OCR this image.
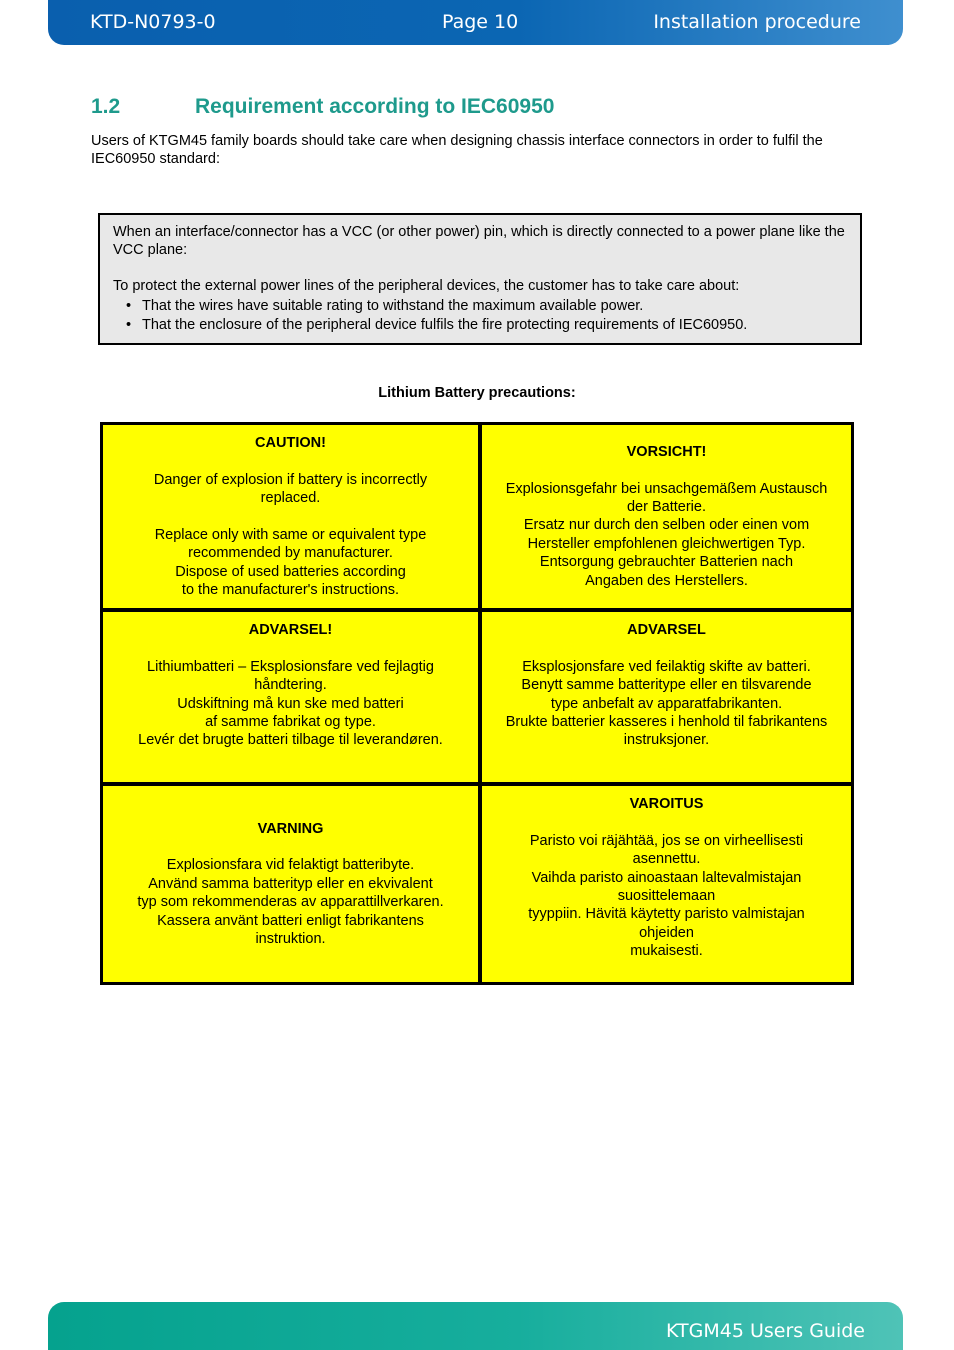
KTD-N0793-0	Page 10	Installation procedure
1.2	Requirement according to IEC60950
Users of KTGM45 family boards should take care when designing chassis interface connectors in order to fulfil the IEC60950 standard:

When an interface/connector has a VCC (or other power) pin, which is directly connected to a power plane like the VCC plane:

To protect the external power lines of the peripheral devices, the customer has to take care about:

• That the wires have suitable rating to withstand the maximum available power.
• That the enclosure of the peripheral device fulfils the fire protecting requirements of IEC60950.
Lithium Battery precautions:
CAUTION!
Danger of explosion if battery is incorrectly
replaced.
Replace only with same or equivalent type
recommended by manufacturer.
Dispose of used batteries according
to the manufacturer's instructions.
VORSICHT!
Explosionsgefahr bei unsachgemäßem Austausch
der Batterie.
Ersatz nur durch den selben oder einen vom
Hersteller empfohlenen gleichwertigen Typ.
Entsorgung gebrauchter Batterien nach
Angaben des Herstellers.
ADVARSEL!
Lithiumbatteri – Eksplosionsfare ved fejlagtig
håndtering.
Udskiftning må kun ske med batteri
af samme fabrikat og type.
Levér det brugte batteri tilbage til leverandøren.
ADVARSEL
Eksplosjonsfare ved feilaktig skifte av batteri.
Benytt samme batteritype eller en tilsvarende
type anbefalt av apparatfabrikanten.
Brukte batterier kasseres i henhold til fabrikantens
instruksjoner.
VARNING
Explosionsfara vid felaktigt batteribyte.
Använd samma batterityp eller en ekvivalent
typ som rekommenderas av apparattillverkaren.
Kassera använt batteri enligt fabrikantens
instruktion.
VAROITUS
Paristo voi räjähtää, jos se on virheellisesti
asennettu.
Vaihda paristo ainoastaan laltevalmistajan
suosittelemaan
tyyppiin. Hävitä käytetty paristo valmistajan
ohjeiden
mukaisesti.
KTGM45 Users Guide
